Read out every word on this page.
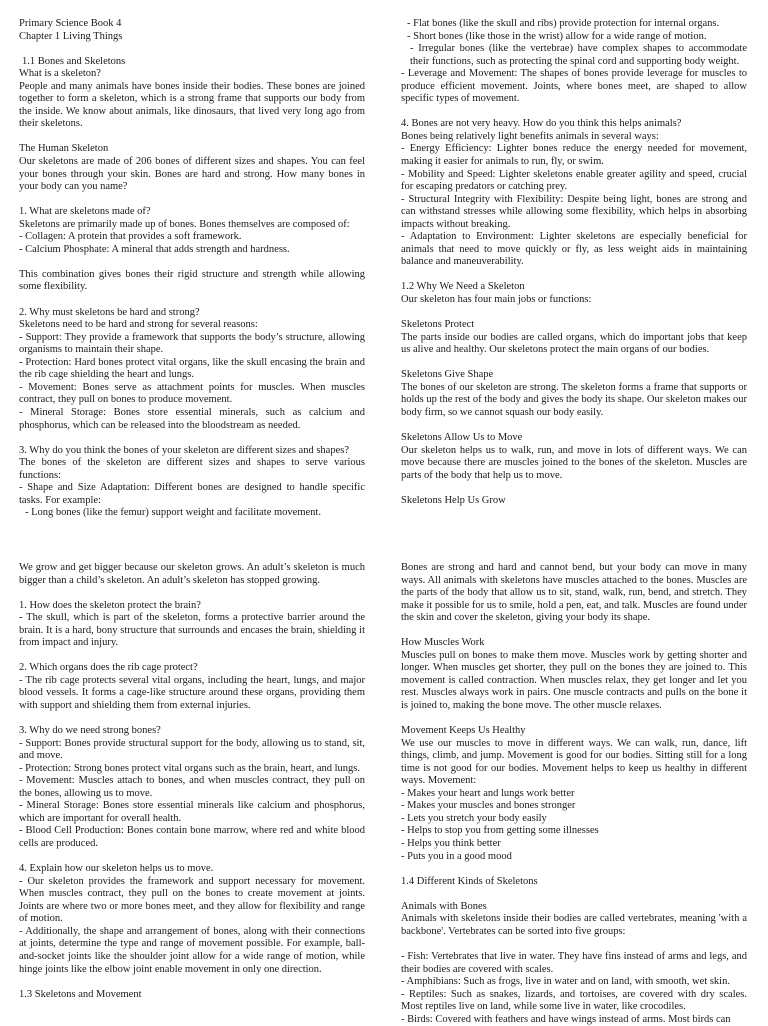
Primary Science Book 4

Chapter 1 Living Things

1.1 Bones and Skeletons

What is a skeleton?

People and many animals have bones inside their bodies. These bones are joined together to form a skeleton, which is a strong frame that supports our body from the inside. We know about animals, like dinosaurs, that lived very long ago from their skeletons.

The Human Skeleton

Our skeletons are made of 206 bones of different sizes and shapes. You can feel your bones through your skin. Bones are hard and strong. How many bones in your body can you name?

1. What are skeletons made of?

Skeletons are primarily made up of bones. Bones themselves are composed of:

- Collagen: A protein that provides a soft framework.

- Calcium Phosphate: A mineral that adds strength and hardness.

This combination gives bones their rigid structure and strength while allowing some flexibility.

2. Why must skeletons be hard and strong?

Skeletons need to be hard and strong for several reasons:

- Support: They provide a framework that supports the body’s structure, allowing organisms to maintain their shape.

- Protection: Hard bones protect vital organs, like the skull encasing the brain and the rib cage shielding the heart and lungs.

- Movement: Bones serve as attachment points for muscles. When muscles contract, they pull on bones to produce movement.

- Mineral Storage: Bones store essential minerals, such as calcium and phosphorus, which can be released into the bloodstream as needed.

3. Why do you think the bones of your skeleton are different sizes and shapes?

The bones of the skeleton are different sizes and shapes to serve various functions:

- Shape and Size Adaptation: Different bones are designed to handle specific tasks. For example:

- Long bones (like the femur) support weight and facilitate movement.

- Flat bones (like the skull and ribs) provide protection for internal organs.

- Short bones (like those in the wrist) allow for a wide range of motion.

- Irregular bones (like the vertebrae) have complex shapes to accommodate their functions, such as protecting the spinal cord and supporting body weight.

- Leverage and Movement: The shapes of bones provide leverage for muscles to produce efficient movement. Joints, where bones meet, are shaped to allow specific types of movement.

4. Bones are not very heavy. How do you think this helps animals?

Bones being relatively light benefits animals in several ways:

- Energy Efficiency: Lighter bones reduce the energy needed for movement, making it easier for animals to run, fly, or swim.

- Mobility and Speed: Lighter skeletons enable greater agility and speed, crucial for escaping predators or catching prey.

- Structural Integrity with Flexibility: Despite being light, bones are strong and can withstand stresses while allowing some flexibility, which helps in absorbing impacts without breaking.

- Adaptation to Environment: Lighter skeletons are especially beneficial for animals that need to move quickly or fly, as less weight aids in maintaining balance and maneuverability.

1.2 Why We Need a Skeleton

Our skeleton has four main jobs or functions:

Skeletons Protect

The parts inside our bodies are called organs, which do important jobs that keep us alive and healthy. Our skeletons protect the main organs of our bodies.

Skeletons Give Shape

The bones of our skeleton are strong. The skeleton forms a frame that supports or holds up the rest of the body and gives the body its shape. Our skeleton makes our body firm, so we cannot squash our body easily.

Skeletons Allow Us to Move

Our skeleton helps us to walk, run, and move in lots of different ways. We can move because there are muscles joined to the bones of the skeleton. Muscles are parts of the body that help us to move.

Skeletons Help Us Grow

We grow and get bigger because our skeleton grows. An adult’s skeleton is much bigger than a child’s skeleton. An adult’s skeleton has stopped growing.

1. How does the skeleton protect the brain?

- The skull, which is part of the skeleton, forms a protective barrier around the brain. It is a hard, bony structure that surrounds and encases the brain, shielding it from impact and injury.

2. Which organs does the rib cage protect?

- The rib cage protects several vital organs, including the heart, lungs, and major blood vessels. It forms a cage-like structure around these organs, providing them with support and shielding them from external injuries.

3. Why do we need strong bones?

- Support: Bones provide structural support for the body, allowing us to stand, sit, and move.

- Protection: Strong bones protect vital organs such as the brain, heart, and lungs.

- Movement: Muscles attach to bones, and when muscles contract, they pull on the bones, allowing us to move.

- Mineral Storage: Bones store essential minerals like calcium and phosphorus, which are important for overall health.

- Blood Cell Production: Bones contain bone marrow, where red and white blood cells are produced.

4. Explain how our skeleton helps us to move.

- Our skeleton provides the framework and support necessary for movement. When muscles contract, they pull on the bones to create movement at joints. Joints are where two or more bones meet, and they allow for flexibility and range of motion.

- Additionally, the shape and arrangement of bones, along with their connections at joints, determine the type and range of movement possible. For example, ball-and-socket joints like the shoulder joint allow for a wide range of motion, while hinge joints like the elbow joint enable movement in only one direction.

1.3 Skeletons and Movement

Bones are strong and hard and cannot bend, but your body can move in many ways. All animals with skeletons have muscles attached to the bones. Muscles are the parts of the body that allow us to sit, stand, walk, run, bend, and stretch. They make it possible for us to smile, hold a pen, eat, and talk. Muscles are found under the skin and cover the skeleton, giving your body its shape.

How Muscles Work

Muscles pull on bones to make them move. Muscles work by getting shorter and longer. When muscles get shorter, they pull on the bones they are joined to. This movement is called contraction. When muscles relax, they get longer and let you rest. Muscles always work in pairs. One muscle contracts and pulls on the bone it is joined to, making the bone move. The other muscle relaxes.

Movement Keeps Us Healthy

We use our muscles to move in different ways. We can walk, run, dance, lift things, climb, and jump. Movement is good for our bodies. Sitting still for a long time is not good for our bodies. Movement helps to keep us healthy in different ways. Movement:

- Makes your heart and lungs work better

- Makes your muscles and bones stronger

- Lets you stretch your body easily

- Helps to stop you from getting some illnesses

- Helps you think better

- Puts you in a good mood

1.4 Different Kinds of Skeletons

Animals with Bones

Animals with skeletons inside their bodies are called vertebrates, meaning 'with a backbone'. Vertebrates can be sorted into five groups:

- Fish: Vertebrates that live in water. They have fins instead of arms and legs, and their bodies are covered with scales.

- Amphibians: Such as frogs, live in water and on land, with smooth, wet skin.

- Reptiles: Such as snakes, lizards, and tortoises, are covered with dry scales. Most reptiles live on land, while some live in water, like crocodiles.

- Birds: Covered with feathers and have wings instead of arms. Most birds can
